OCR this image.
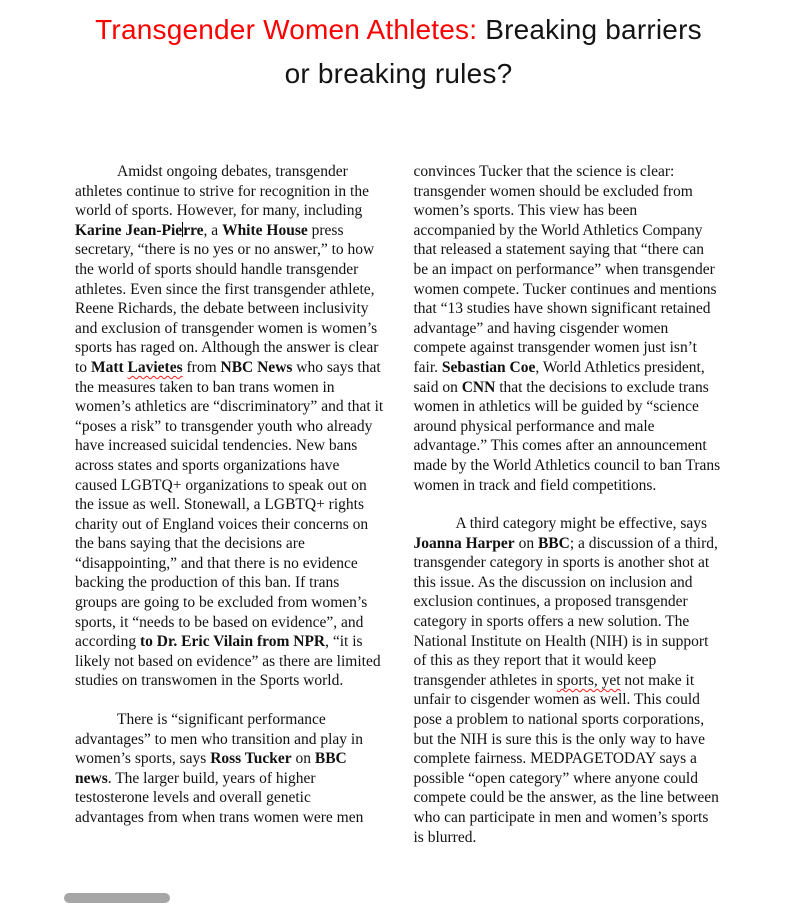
Transgender Women Athletes: Breaking barriers
or breaking rules?

Amidst ongoing debates, transgender athletes continue to strive for recognition in the world of sports. However, for many, including Karine Jean-Pierre, a White House press secretary, “there is no yes or no answer,” to how the world of sports should handle transgender athletes. Even since the first transgender athlete, Reene Richards, the debate between inclusivity and exclusion of transgender women is women’s sports has raged on. Although the answer is clear to Matt Lavietes from NBC News who says that the measures taken to ban trans women in women’s athletics are “discriminatory” and that it “poses a risk” to transgender youth who already have increased suicidal tendencies. New bans across states and sports organizations have caused LGBTQ+ organizations to speak out on the issue as well. Stonewall, a LGBTQ+ rights charity out of England voices their concerns on the bans saying that the decisions are “disappointing,” and that there is no evidence backing the production of this ban. If trans groups are going to be excluded from women’s sports, it “needs to be based on evidence”, and according to Dr. Eric Vilain from NPR, “it is likely not based on evidence” as there are limited studies on transwomen in the Sports world.

There is “significant performance advantages” to men who transition and play in women’s sports, says Ross Tucker on BBC news. The larger build, years of higher testosterone levels and overall genetic advantages from when trans women were men

convinces Tucker that the science is clear: transgender women should be excluded from women’s sports. This view has been accompanied by the World Athletics Company that released a statement saying that “there can be an impact on performance” when transgender women compete. Tucker continues and mentions that “13 studies have shown significant retained advantage” and having cisgender women compete against transgender women just isn’t fair. Sebastian Coe, World Athletics president, said on CNN that the decisions to exclude trans women in athletics will be guided by “science around physical performance and male advantage.” This comes after an announcement made by the World Athletics council to ban Trans women in track and field competitions.

A third category might be effective, says Joanna Harper on BBC; a discussion of a third, transgender category in sports is another shot at this issue. As the discussion on inclusion and exclusion continues, a proposed transgender category in sports offers a new solution. The National Institute on Health (NIH) is in support of this as they report that it would keep transgender athletes in sports, yet not make it unfair to cisgender women as well. This could pose a problem to national sports corporations, but the NIH is sure this is the only way to have complete fairness. MEDPAGETODAY says a possible “open category” where anyone could compete could be the answer, as the line between who can participate in men and women’s sports is blurred.
